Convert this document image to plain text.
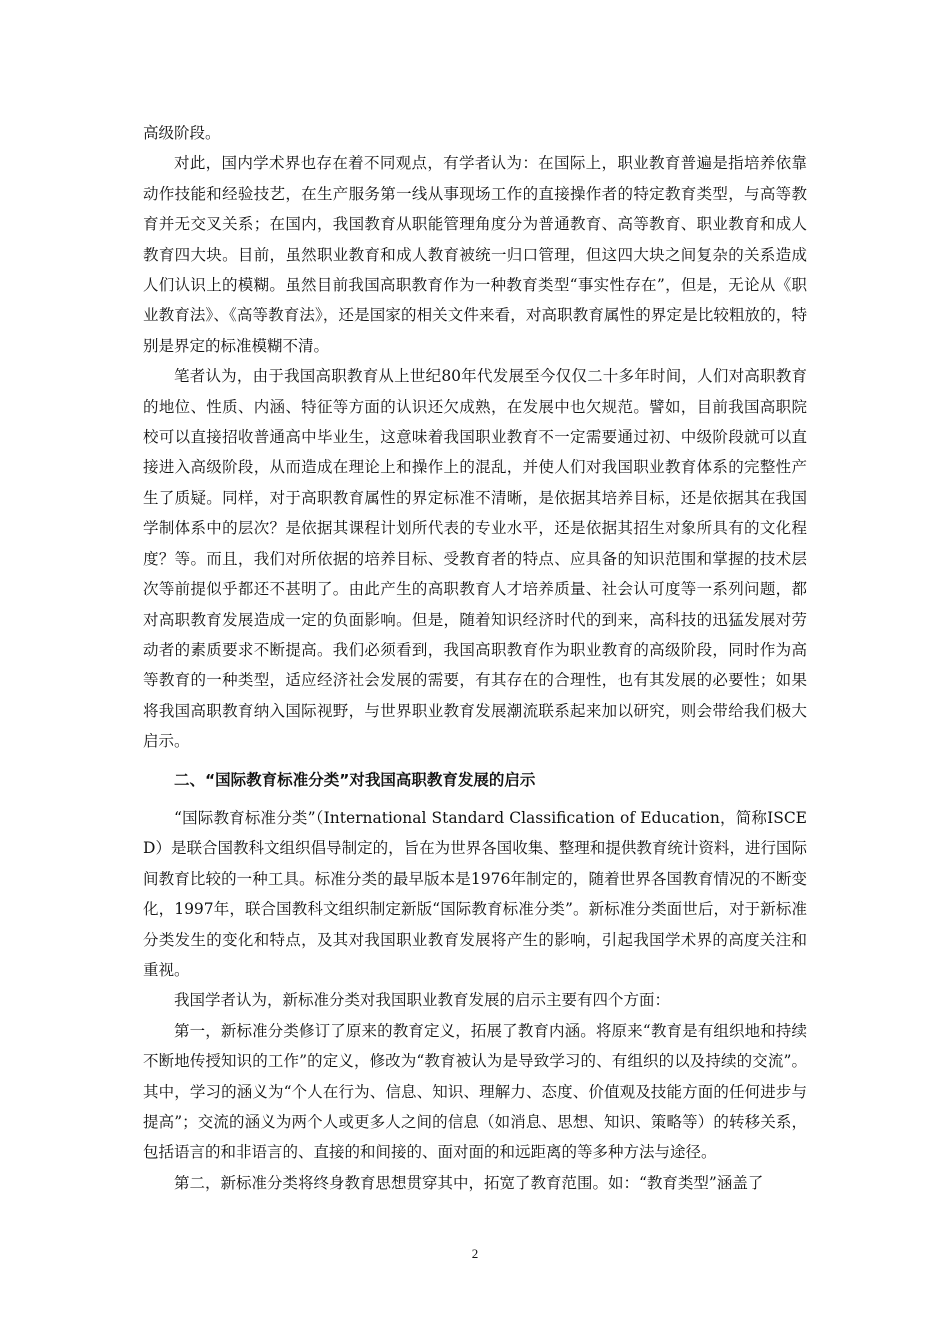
高级阶段。

对此，国内学术界也存在着不同观点，有学者认为：在国际上，职业教育普遍是指培养依靠动作技能和经验技艺，在生产服务第一线从事现场工作的直接操作者的特定教育类型，与高等教育并无交叉关系；在国内，我国教育从职能管理角度分为普通教育、高等教育、职业教育和成人教育四大块。目前，虽然职业教育和成人教育被统一归口管理，但这四大块之间复杂的关系造成人们认识上的模糊。虽然目前我国高职教育作为一种教育类型“事实性存在”，但是，无论从《职业教育法》、《高等教育法》，还是国家的相关文件来看，对高职教育属性的界定是比较粗放的，特别是界定的标准模糊不清。

笔者认为，由于我国高职教育从上世纪80年代发展至今仅仅二十多年时间，人们对高职教育的地位、性质、内涵、特征等方面的认识还欠成熟，在发展中也欠规范。譬如，目前我国高职院校可以直接招收普通高中毕业生，这意味着我国职业教育不一定需要通过初、中级阶段就可以直接进入高级阶段，从而造成在理论上和操作上的混乱，并使人们对我国职业教育体系的完整性产生了质疑。同样，对于高职教育属性的界定标准不清晰，是依据其培养目标，还是依据其在我国学制体系中的层次？是依据其课程计划所代表的专业水平，还是依据其招生对象所具有的文化程度？等。而且，我们对所依据的培养目标、受教育者的特点、应具备的知识范围和掌握的技术层次等前提似乎都还不甚明了。由此产生的高职教育人才培养质量、社会认可度等一系列问题，都对高职教育发展造成一定的负面影响。但是，随着知识经济时代的到来，高科技的迅猛发展对劳动者的素质要求不断提高。我们必须看到，我国高职教育作为职业教育的高级阶段，同时作为高等教育的一种类型，适应经济社会发展的需要，有其存在的合理性，也有其发展的必要性；如果将我国高职教育纳入国际视野，与世界职业教育发展潮流联系起来加以研究，则会带给我们极大启示。

二、“国际教育标准分类”对我国高职教育发展的启示

“国际教育标准分类”（International Standard Classification of Education，简称ISCED）是联合国教科文组织倡导制定的，旨在为世界各国收集、整理和提供教育统计资料，进行国际间教育比较的一种工具。标准分类的最早版本是1976年制定的，随着世界各国教育情况的不断变化，1997年，联合国教科文组织制定新版“国际教育标准分类”。新标准分类面世后，对于新标准分类发生的变化和特点，及其对我国职业教育发展将产生的影响，引起我国学术界的高度关注和重视。

我国学者认为，新标准分类对我国职业教育发展的启示主要有四个方面：

第一，新标准分类修订了原来的教育定义，拓展了教育内涵。将原来“教育是有组织地和持续不断地传授知识的工作”的定义，修改为“教育被认为是导致学习的、有组织的以及持续的交流”。其中，学习的涵义为“个人在行为、信息、知识、理解力、态度、价值观及技能方面的任何进步与提高”；交流的涵义为两个人或更多人之间的信息（如消息、思想、知识、策略等）的转移关系，包括语言的和非语言的、直接的和间接的、面对面的和远距离的等多种方法与途径。

第二，新标准分类将终身教育思想贯穿其中，拓宽了教育范围。如：“教育类型”涵盖了

2
